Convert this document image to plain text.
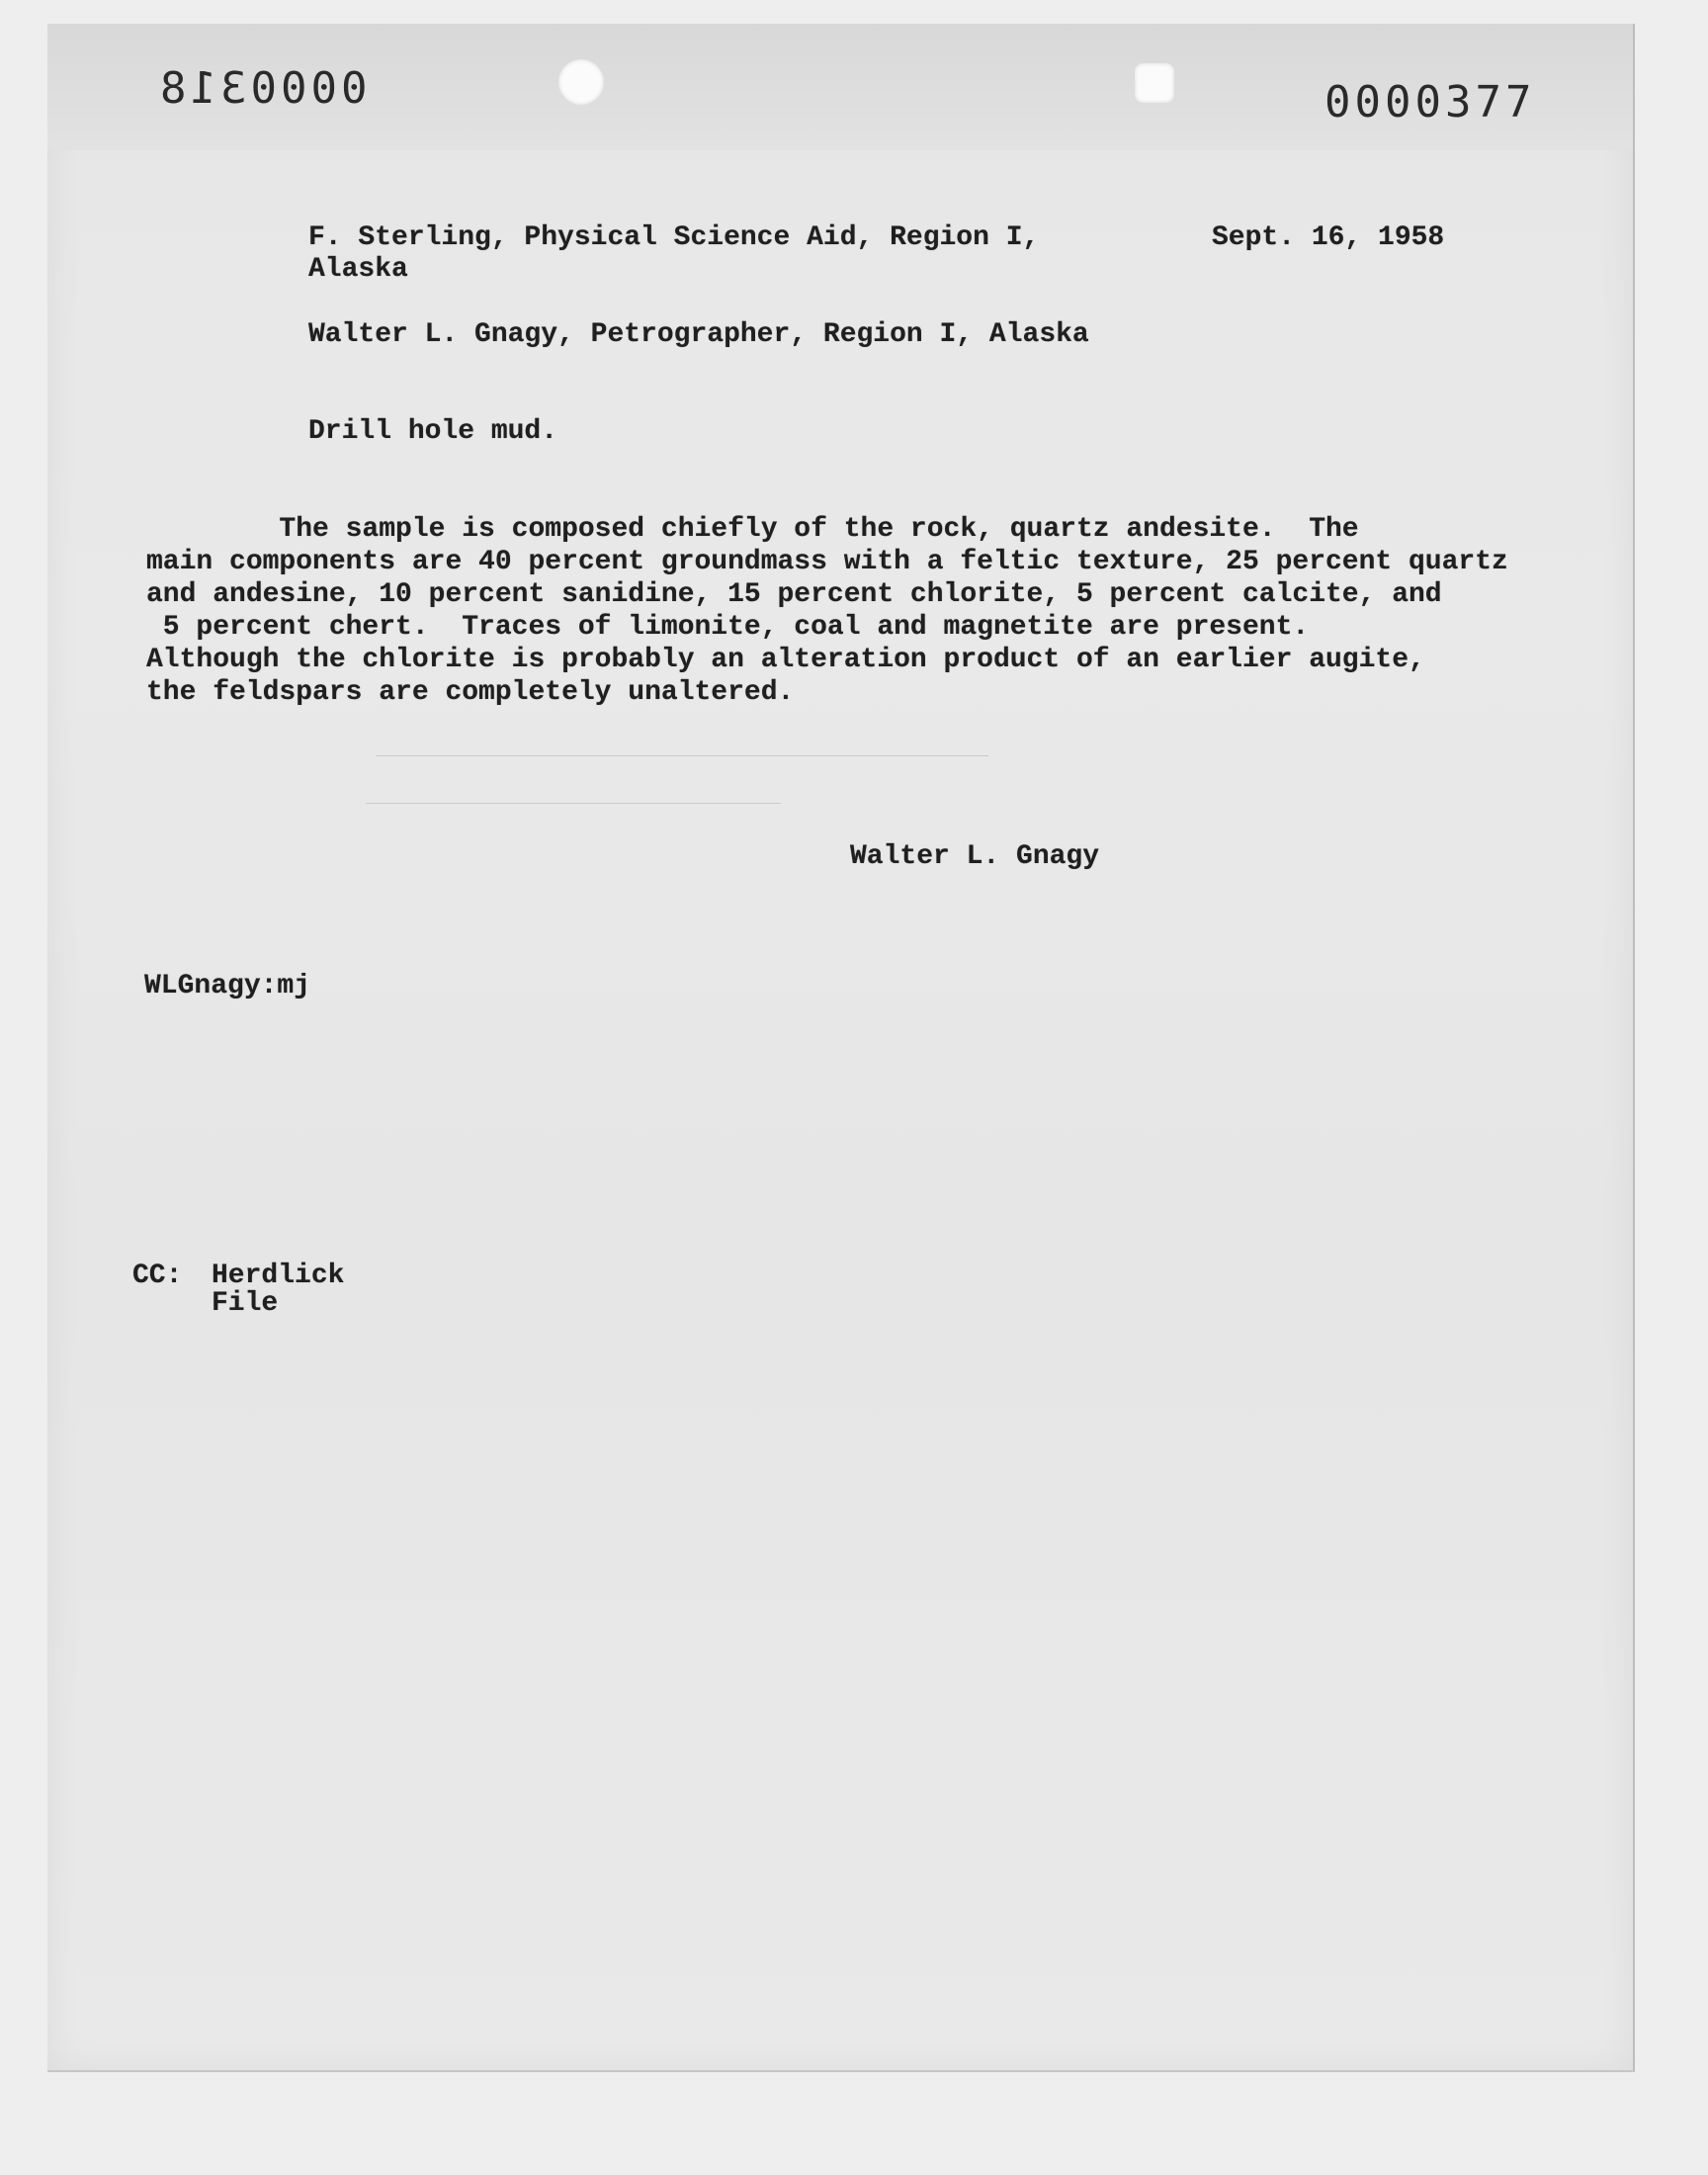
0000318	0000377
F. Sterling, Physical Science Aid, Region I,
Alaska
Sept. 16, 1958
Walter L. Gnagy, Petrographer, Region I, Alaska
Drill hole mud.
The sample is composed chiefly of the rock, quartz andesite.  The
main components are 40 percent groundmass with a feltic texture, 25 percent quartz
and andesine, 10 percent sanidine, 15 percent chlorite, 5 percent calcite, and
5 percent chert.  Traces of limonite, coal and magnetite are present.
Although the chlorite is probably an alteration product of an earlier augite,
the feldspars are completely unaltered.
Walter L. Gnagy
WLGnagy:mj
CC: Herdlick
File
